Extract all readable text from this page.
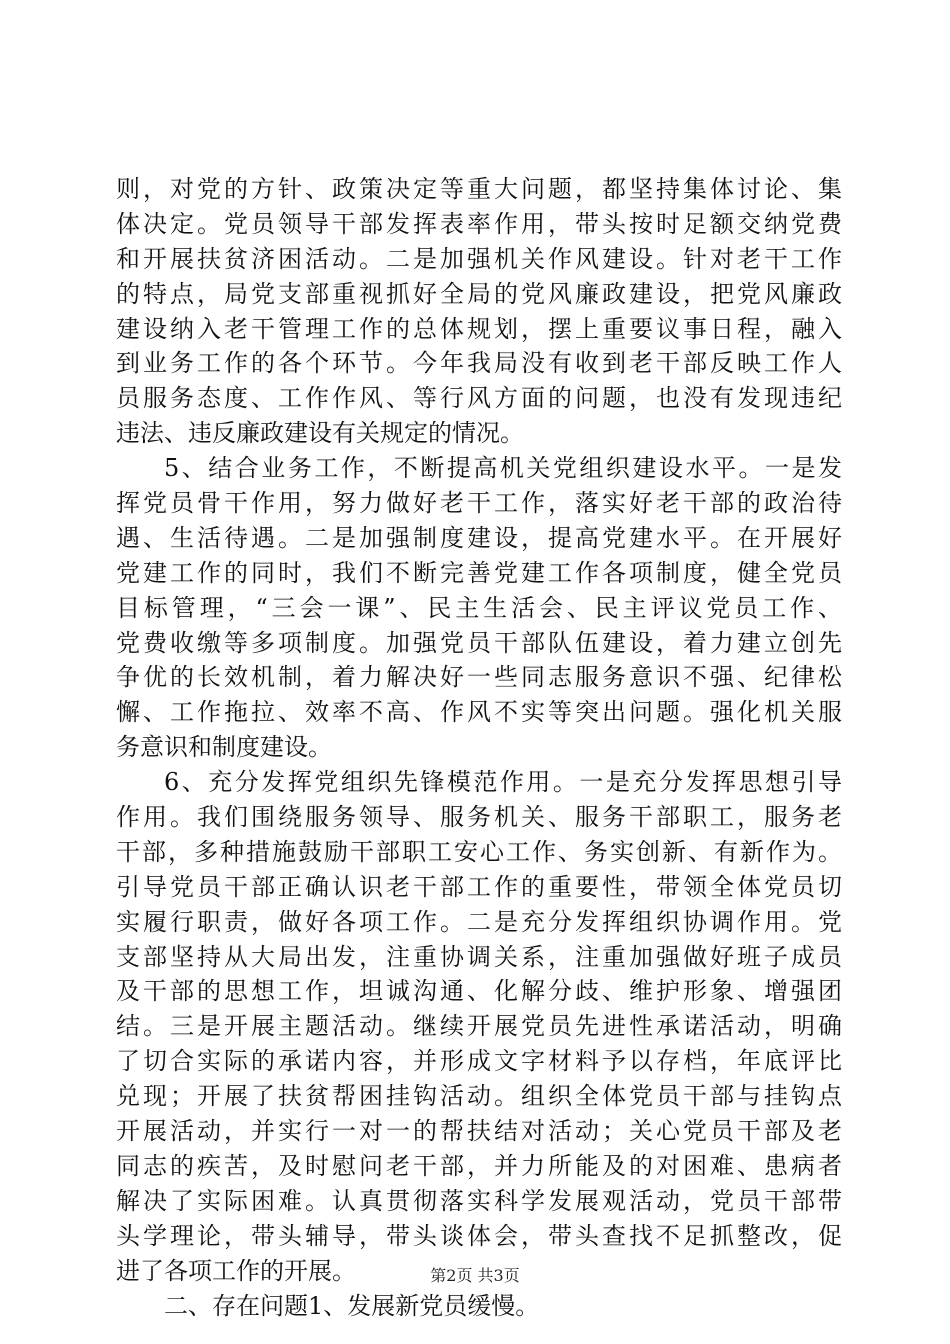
则，对党的方针、政策决定等重大问题，都坚持集体讨论、集
体决定。党员领导干部发挥表率作用，带头按时足额交纳党费
和开展扶贫济困活动。二是加强机关作风建设。针对老干工作
的特点，局党支部重视抓好全局的党风廉政建设，把党风廉政
建设纳入老干管理工作的总体规划，摆上重要议事日程，融入
到业务工作的各个环节。今年我局没有收到老干部反映工作人
员服务态度、工作作风、等行风方面的问题，也没有发现违纪
违法、违反廉政建设有关规定的情况。
5、结合业务工作，不断提高机关党组织建设水平。一是发
挥党员骨干作用，努力做好老干工作，落实好老干部的政治待
遇、生活待遇。二是加强制度建设，提高党建水平。在开展好
党建工作的同时，我们不断完善党建工作各项制度，健全党员
目标管理，“三会一课”、民主生活会、民主评议党员工作、
党费收缴等多项制度。加强党员干部队伍建设，着力建立创先
争优的长效机制，着力解决好一些同志服务意识不强、纪律松
懈、工作拖拉、效率不高、作风不实等突出问题。强化机关服
务意识和制度建设。
6、充分发挥党组织先锋模范作用。一是充分发挥思想引导
作用。我们围绕服务领导、服务机关、服务干部职工，服务老
干部，多种措施鼓励干部职工安心工作、务实创新、有新作为。
引导党员干部正确认识老干部工作的重要性，带领全体党员切
实履行职责，做好各项工作。二是充分发挥组织协调作用。党
支部坚持从大局出发，注重协调关系，注重加强做好班子成员
及干部的思想工作，坦诚沟通、化解分歧、维护形象、增强团
结。三是开展主题活动。继续开展党员先进性承诺活动，明确
了切合实际的承诺内容，并形成文字材料予以存档，年底评比
兑现；开展了扶贫帮困挂钩活动。组织全体党员干部与挂钩点
开展活动，并实行一对一的帮扶结对活动；关心党员干部及老
同志的疾苦，及时慰问老干部，并力所能及的对困难、患病者
解决了实际困难。认真贯彻落实科学发展观活动，党员干部带
头学理论，带头辅导，带头谈体会，带头查找不足抓整改，促
进了各项工作的开展。
二、存在问题1、发展新党员缓慢。
第2页 共3页
